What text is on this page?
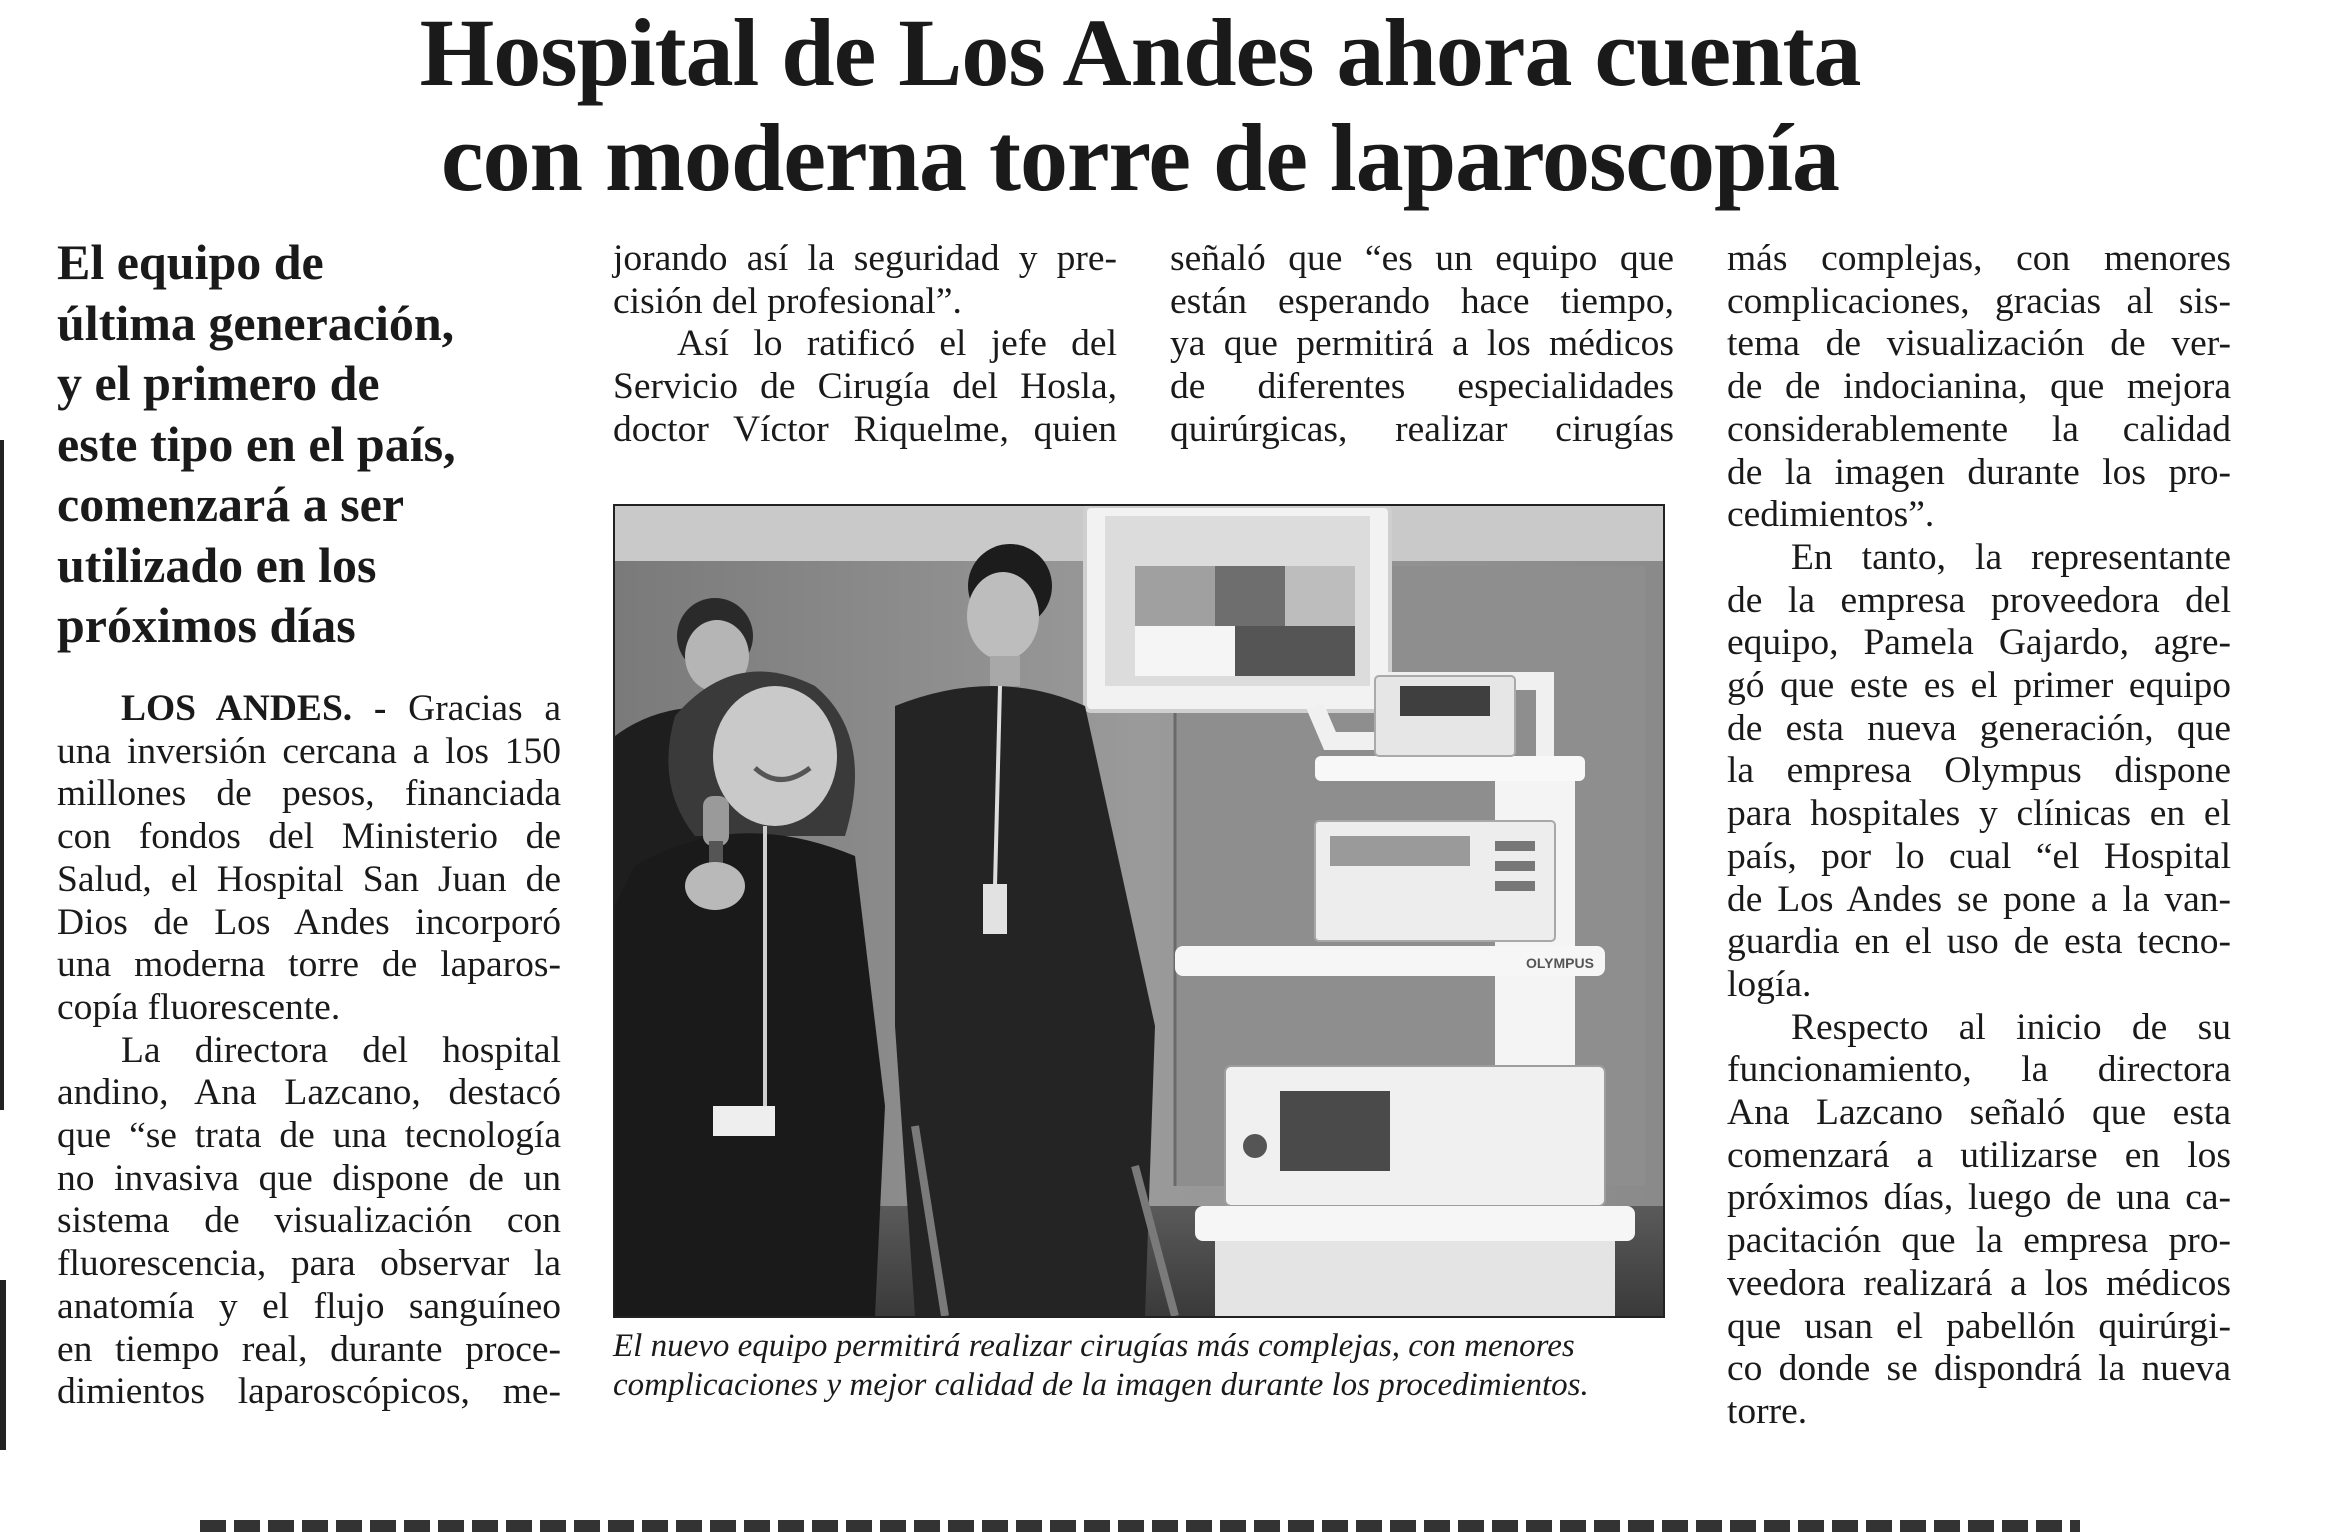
Hospital de Los Andes ahora cuenta
con moderna torre de laparoscopía
El equipo de
última generación,
y el primero de
este tipo en el país,
comenzará a ser
utilizado en los
próximos días
LOS ANDES. - Gracias a
una inversión cercana a los 150
millones de pesos, financiada
con fondos del Ministerio de
Salud, el Hospital San Juan de
Dios de Los Andes incorporó
una moderna torre de laparos-
copía fluorescente.
La directora del hospital
andino, Ana Lazcano, destacó
que “se trata de una tecnología
no invasiva que dispone de un
sistema de visualización con
fluorescencia, para observar la
anatomía y el flujo sanguíneo
en tiempo real, durante proce-
dimientos laparoscópicos, me-
jorando así la seguridad y pre-
cisión del profesional”.
Así lo ratificó el jefe del
Servicio de Cirugía del Hosla,
doctor Víctor Riquelme, quien
señaló que “es un equipo que
están esperando hace tiempo,
ya que permitirá a los médicos
de diferentes especialidades
quirúrgicas, realizar cirugías
más complejas, con menores
complicaciones, gracias al sis-
tema de visualización de ver-
de de indocianina, que mejora
considerablemente la calidad
de la imagen durante los pro-
cedimientos”.
En tanto, la representante
de la empresa proveedora del
equipo, Pamela Gajardo, agre-
gó que este es el primer equipo
de esta nueva generación, que
la empresa Olympus dispone
para hospitales y clínicas en el
país, por lo cual “el Hospital
de Los Andes se pone a la van-
guardia en el uso de esta tecno-
logía.
Respecto al inicio de su
funcionamiento, la directora
Ana Lazcano señaló que esta
comenzará a utilizarse en los
próximos días, luego de una ca-
pacitación que la empresa pro-
veedora realizará a los médicos
que usan el pabellón quirúrgi-
co donde se dispondrá la nueva
torre.
OLYMPUS
El nuevo equipo permitirá realizar cirugías más complejas, con menores
complicaciones y mejor calidad de la imagen durante los procedimientos.
